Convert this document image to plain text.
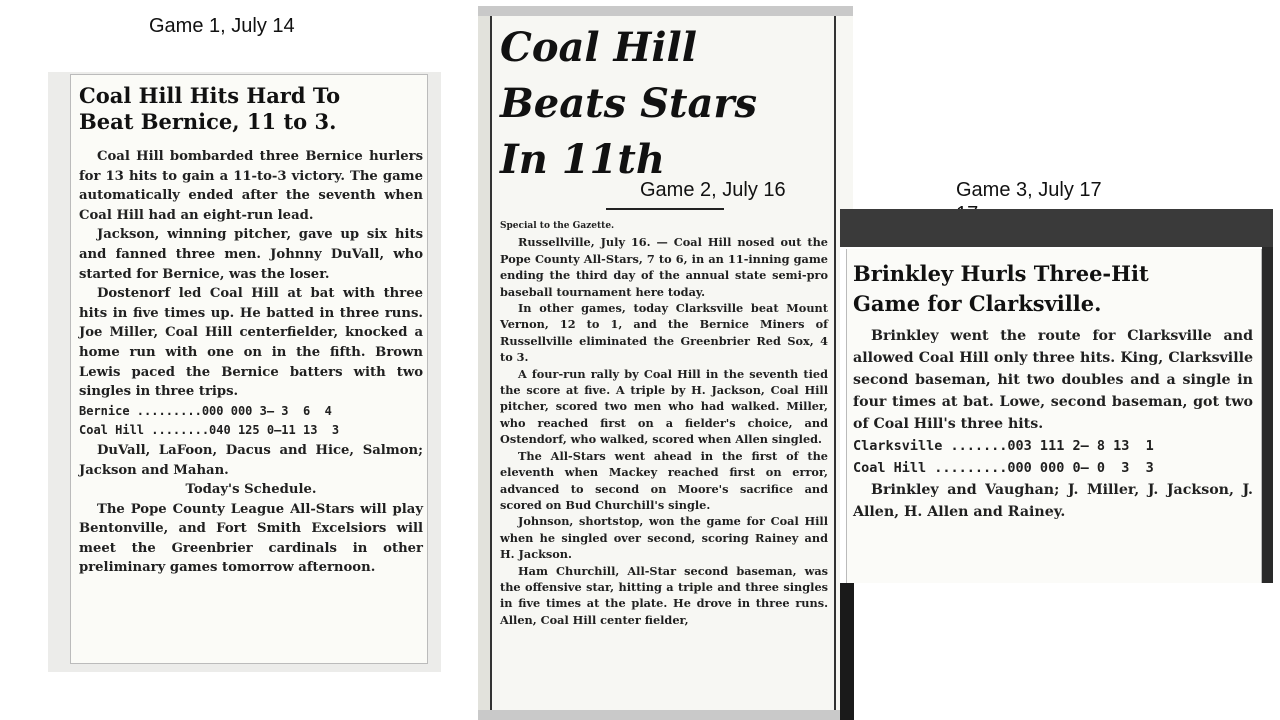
Game 1, July 14
Game 2, July 16	Game 3, July 17
Coal Hill Hits Hard To Beat Bernice, 11 to 3.

Coal Hill bombarded three Bernice hurlers for 13 hits to gain a 11-to-3 victory. The game automatically ended after the seventh when Coal Hill had an eight-run lead.

Jackson, winning pitcher, gave up six hits and fanned three men. Johnny DuVall, who started for Bernice, was the loser.

Dostenorf led Coal Hill at bat with three hits in five times up. He batted in three runs. Joe Miller, Coal Hill centerfielder, knocked a home run with one on in the fifth. Brown Lewis paced the Bernice batters with two singles in three trips.

Bernice .........000 000 3— 3  6  4

Coal Hill ........040 125 0—11 13  3

DuVall, LaFoon, Dacus and Hice, Salmon; Jackson and Mahan.

Today's Schedule.

The Pope County League All-Stars will play Bentonville, and Fort Smith Excelsiors will meet the Greenbrier cardinals in other preliminary games tomorrow afternoon.

Coal Hill
Beats Stars
In 11th

Special to the Gazette.

Russellville, July 16. — Coal Hill nosed out the Pope County All-Stars, 7 to 6, in an 11-inning game ending the third day of the annual state semi-pro baseball tournament here today.

In other games, today Clarksville beat Mount Vernon, 12 to 1, and the Bernice Miners of Russellville eliminated the Greenbrier Red Sox, 4 to 3.

A four-run rally by Coal Hill in the seventh tied the score at five. A triple by H. Jackson, Coal Hill pitcher, scored two men who had walked. Miller, who reached first on a fielder's choice, and Ostendorf, who walked, scored when Allen singled.

The All-Stars went ahead in the first of the eleventh when Mackey reached first on error, advanced to second on Moore's sacrifice and scored on Bud Churchill's single.

Johnson, shortstop, won the game for Coal Hill when he singled over second, scoring Rainey and H. Jackson.

Ham Churchill, All-Star second baseman, was the offensive star, hitting a triple and three singles in five times at the plate. He drove in three runs. Allen, Coal Hill center fielder,

Brinkley Hurls Three-Hit Game for Clarksville.

Brinkley went the route for Clarksville and allowed Coal Hill only three hits. King, Clarksville second baseman, hit two doubles and a single in four times at bat. Lowe, second baseman, got two of Coal Hill's three hits.

Clarksville .......003 111 2— 8 13  1

Coal Hill .........000 000 0— 0  3  3

Brinkley and Vaughan; J. Miller, J. Jackson, J. Allen, H. Allen and Rainey.
